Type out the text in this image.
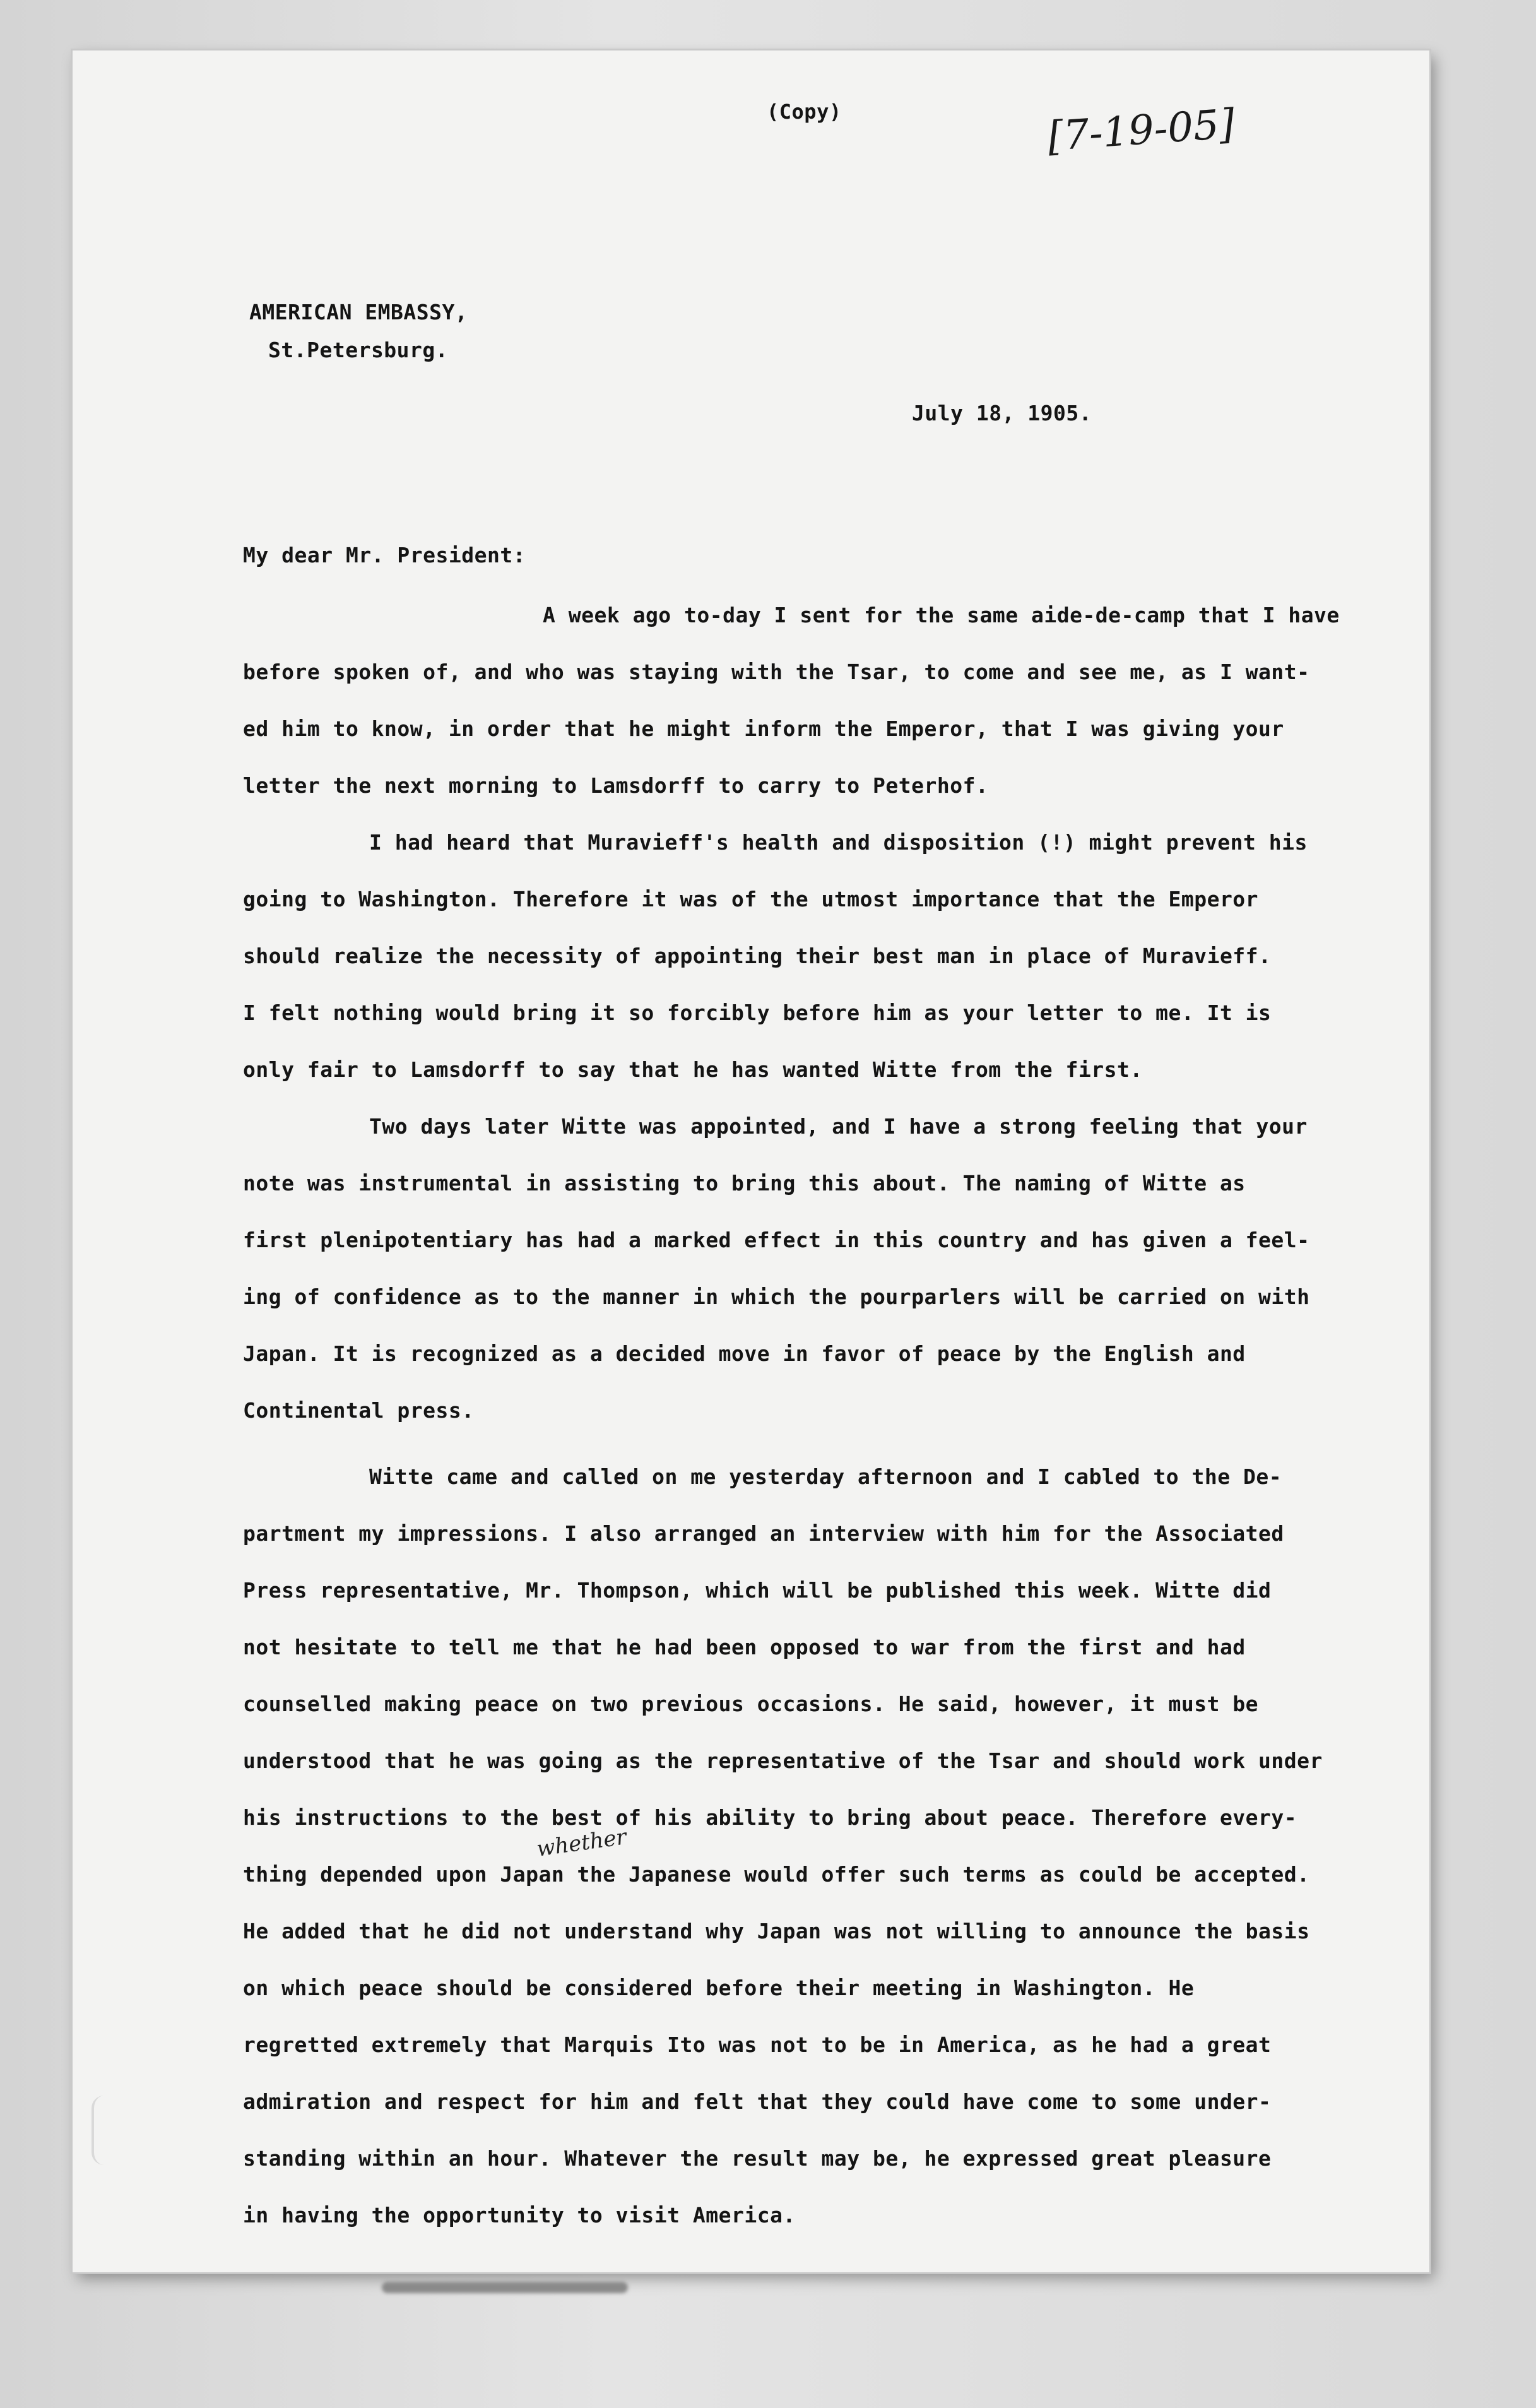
(Copy)	[7-19-05]
AMERICAN EMBASSY,
St.Petersburg.
July 18, 1905.
My dear Mr. President:
A week ago to-day I sent for the same aide-de-camp that I have
before spoken of, and who was staying with the Tsar, to come and see me, as I want-
ed him to know, in order that he might inform the Emperor, that I was giving your
letter the next morning to Lamsdorff to carry to Peterhof.
I had heard that Muravieff's health and disposition (!) might prevent his
going to Washington. Therefore it was of the utmost importance that the Emperor
should realize the necessity of appointing their best man in place of Muravieff.
I felt nothing would bring it so forcibly before him as your letter to me. It is
only fair to Lamsdorff to say that he has wanted Witte from the first.
Two days later Witte was appointed, and I have a strong feeling that your
note was instrumental in assisting to bring this about. The naming of Witte as
first plenipotentiary has had a marked effect in this country and has given a feel-
ing of confidence as to the manner in which the pourparlers will be carried on with
Japan. It is recognized as a decided move in favor of peace by the English and
Continental press.
Witte came and called on me yesterday afternoon and I cabled to the De-
partment my impressions. I also arranged an interview with him for the Associated
Press representative, Mr. Thompson, which will be published this week. Witte did
not hesitate to tell me that he had been opposed to war from the first and had
counselled making peace on two previous occasions. He said, however, it must be
understood that he was going as the representative of the Tsar and should work under
his instructions to the best of his ability to bring about peace. Therefore every-
thing depended upon Japan the Japanese would offer such terms as could be accepted.
He added that he did not understand why Japan was not willing to announce the basis
on which peace should be considered before their meeting in Washington. He
regretted extremely that Marquis Ito was not to be in America, as he had a great
admiration and respect for him and felt that they could have come to some under-
standing within an hour. Whatever the result may be, he expressed great pleasure
in having the opportunity to visit America.
whether
